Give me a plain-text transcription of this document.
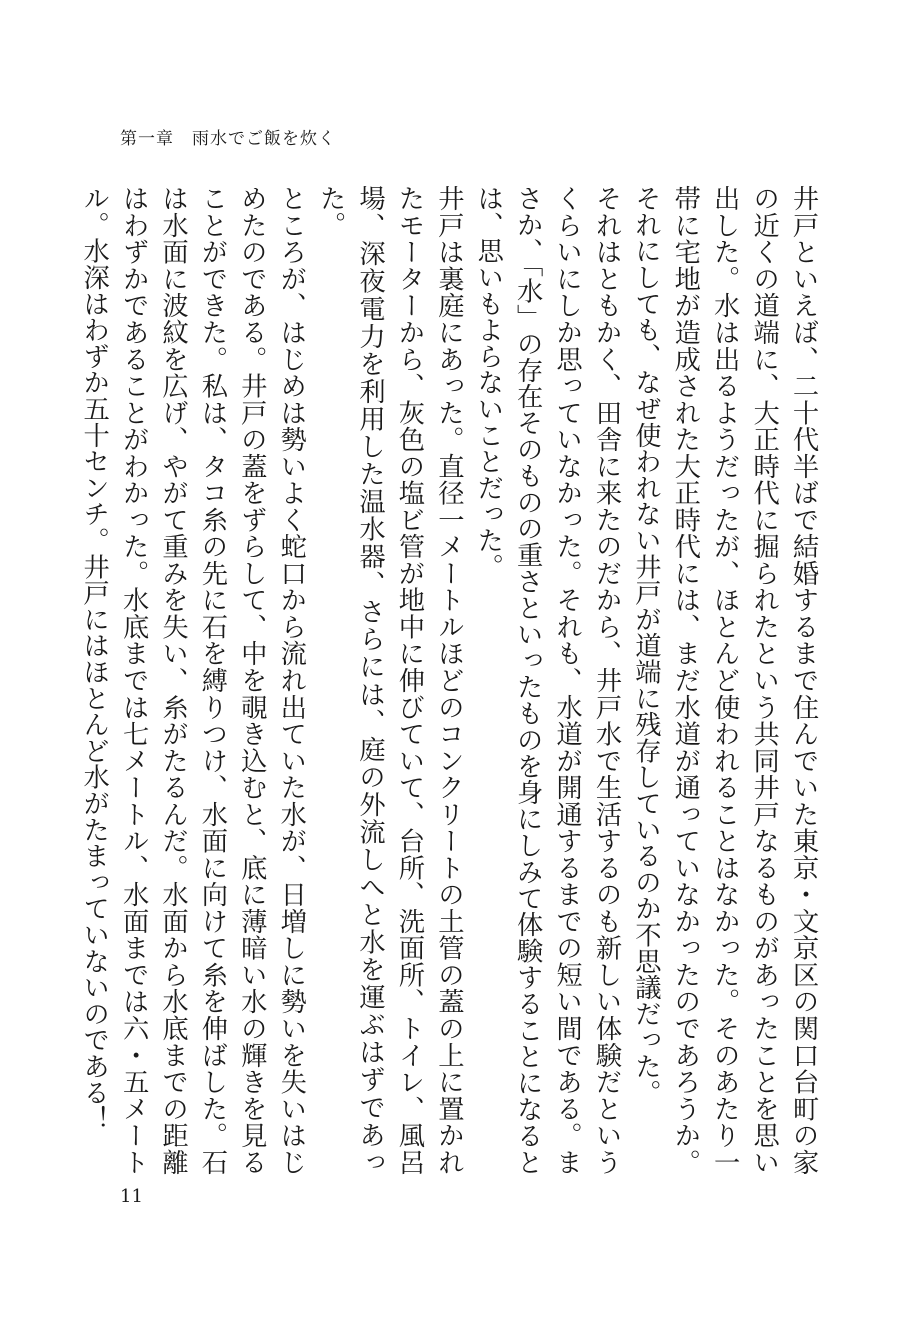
第一章　雨水でご飯を炊く

井戸といえば、二十代半ばで結婚するまで住んでいた東京・文京区の関口台町の家の近くの道端に、大正時代に掘られたという共同井戸なるものがあったことを思い出した。水は出るようだったが、ほとんど使われることはなかった。そのあたり一帯に宅地が造成された大正時代には、まだ水道が通っていなかったのであろうか。それにしても、なぜ使われない井戸が道端に残存しているのか不思議だった。

それはともかく、田舎に来たのだから、井戸水で生活するのも新しい体験だというくらいにしか思っていなかった。それも、水道が開通するまでの短い間である。まさか、「水」の存在そのものの重さといったものを身にしみて体験することになるとは、思いもよらないことだった。

井戸は裏庭にあった。直径一メートルほどのコンクリートの土管の蓋の上に置かれたモーターから、灰色の塩ビ管が地中に伸びていて、台所、洗面所、トイレ、風呂場、深夜電力を利用した温水器、さらには、庭の外流しへと水を運ぶはずであった。

ところが、はじめは勢いよく蛇口から流れ出ていた水が、日増しに勢いを失いはじめたのである。井戸の蓋をずらして、中を覗き込むと、底に薄暗い水の輝きを見ることができた。私は、タコ糸の先に石を縛りつけ、水面に向けて糸を伸ばした。石は水面に波紋を広げ、やがて重みを失い、糸がたるんだ。水面から水底までの距離はわずかであることがわかった。水底までは七メートル、水面までは六・五メートル。水深はわずか五十センチ。井戸にはほとんど水がたまっていないのである！

11
